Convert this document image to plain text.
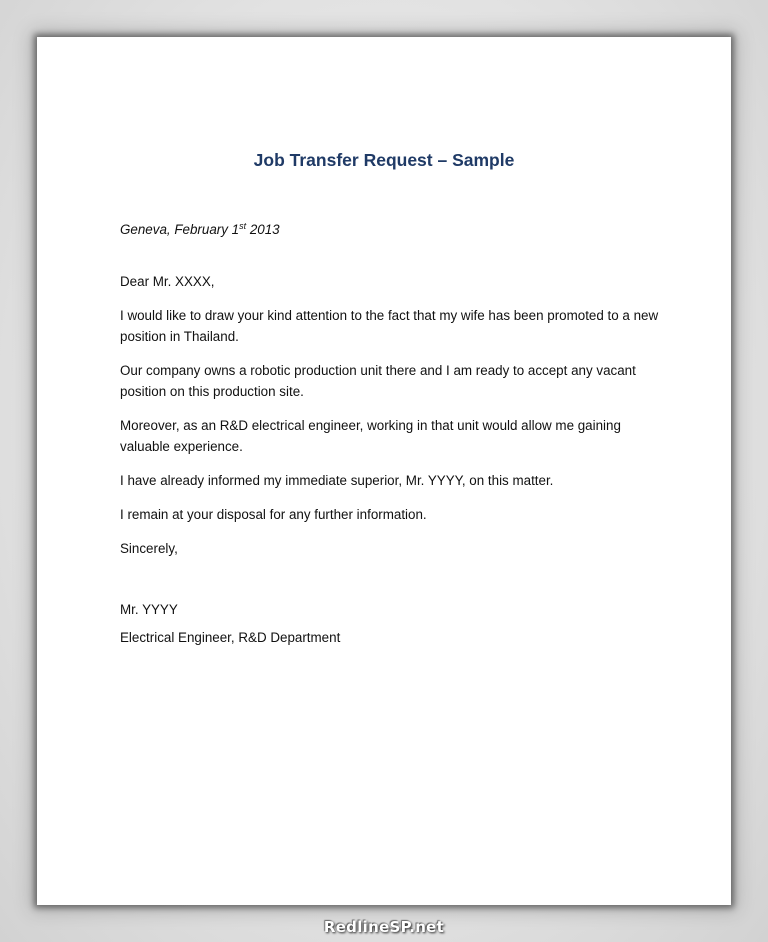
Job Transfer Request – Sample

Geneva, February 1st 2013

Dear Mr. XXXX,

I would like to draw your kind attention to the fact that my wife has been promoted to a new position in Thailand.

Our company owns a robotic production unit there and I am ready to accept any vacant position on this production site.

Moreover, as an R&D electrical engineer, working in that unit would allow me gaining valuable experience.

I have already informed my immediate superior, Mr. YYYY, on this matter.

I remain at your disposal for any further information.

Sincerely,

Mr. YYYY

Electrical Engineer, R&D Department

RedlineSP.net
